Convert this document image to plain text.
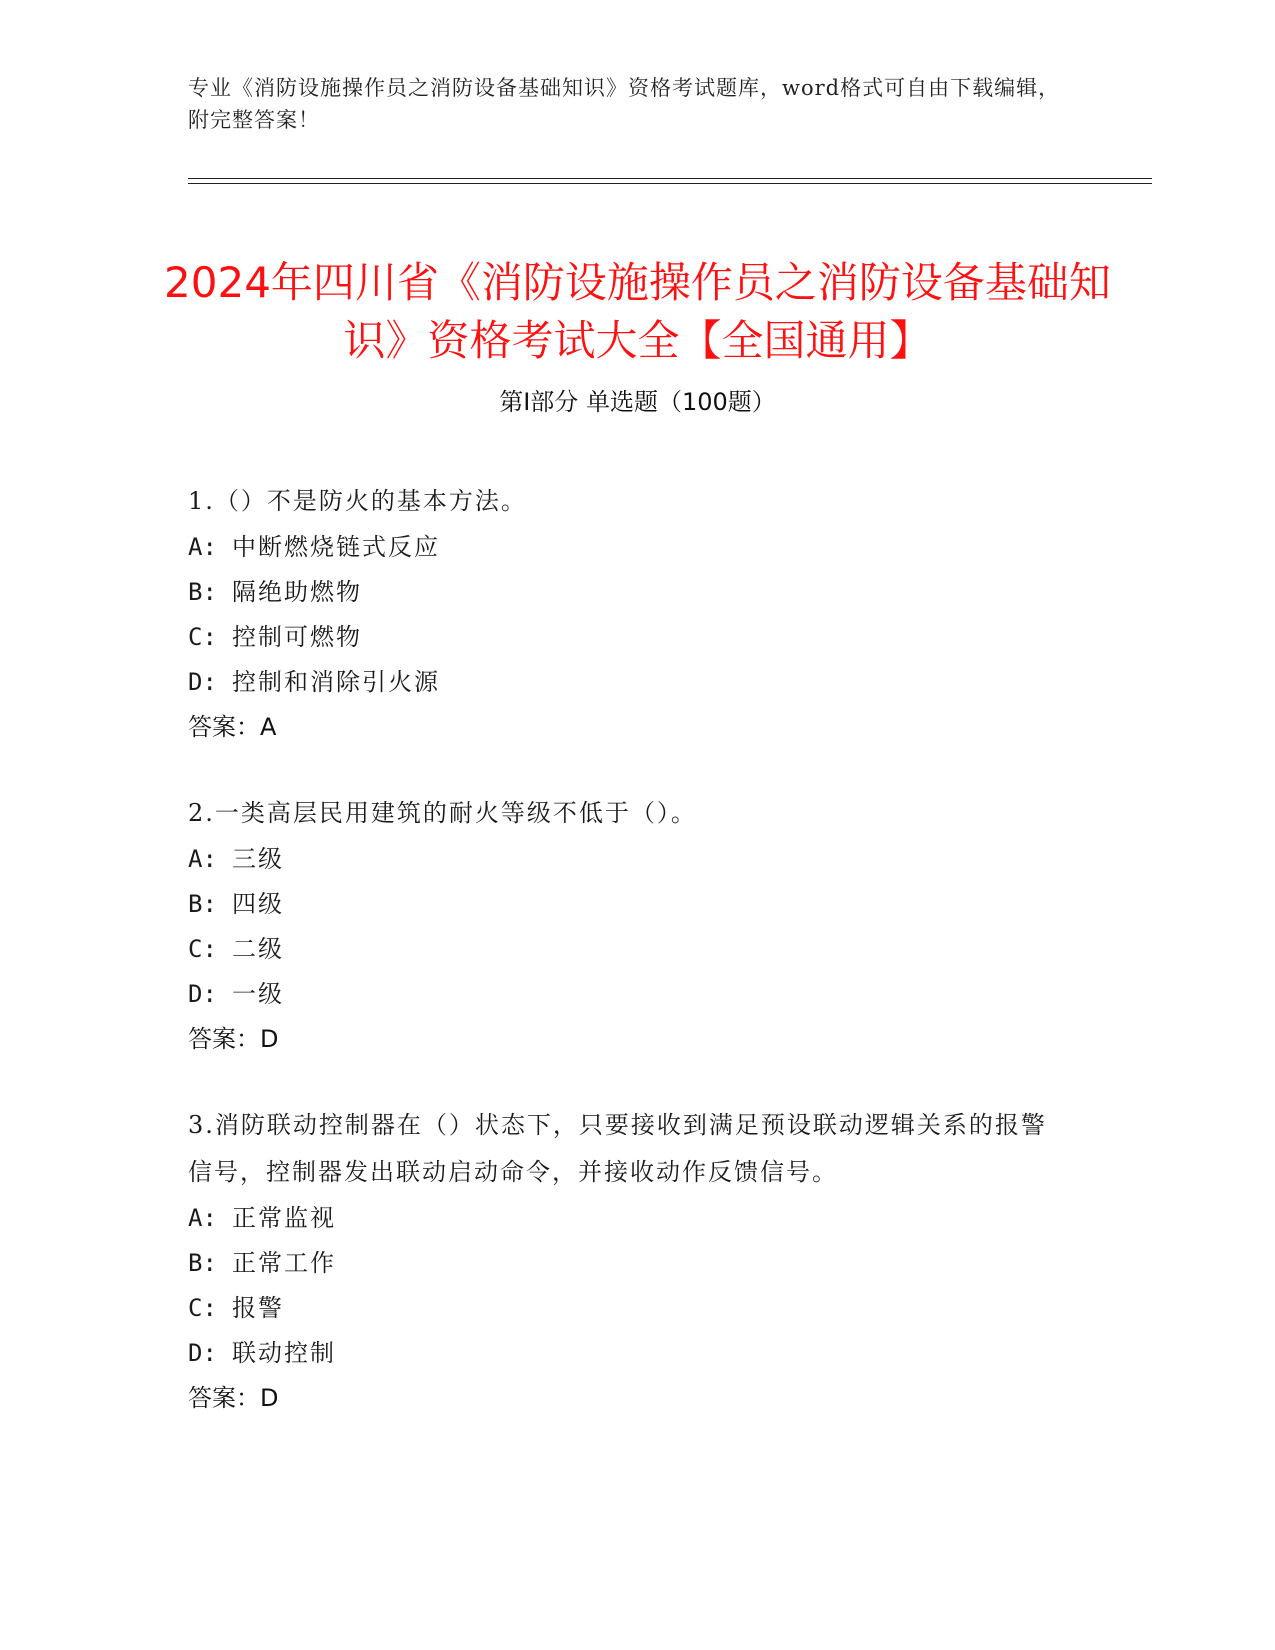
专业《消防设施操作员之消防设备基础知识》资格考试题库，word格式可自由下载编辑，附完整答案！
2024年四川省《消防设施操作员之消防设备基础知识》资格考试大全【全国通用】
第Ⅰ部分 单选题（100题）
1.（）不是防火的基本方法。
A: 中断燃烧链式反应
B: 隔绝助燃物
C: 控制可燃物
D: 控制和消除引火源
答案：A
2.一类高层民用建筑的耐火等级不低于（）。
A: 三级
B: 四级
C: 二级
D: 一级
答案：D
3.消防联动控制器在（）状态下，只要接收到满足预设联动逻辑关系的报警信号，控制器发出联动启动命令，并接收动作反馈信号。
A: 正常监视
B: 正常工作
C: 报警
D: 联动控制
答案：D
